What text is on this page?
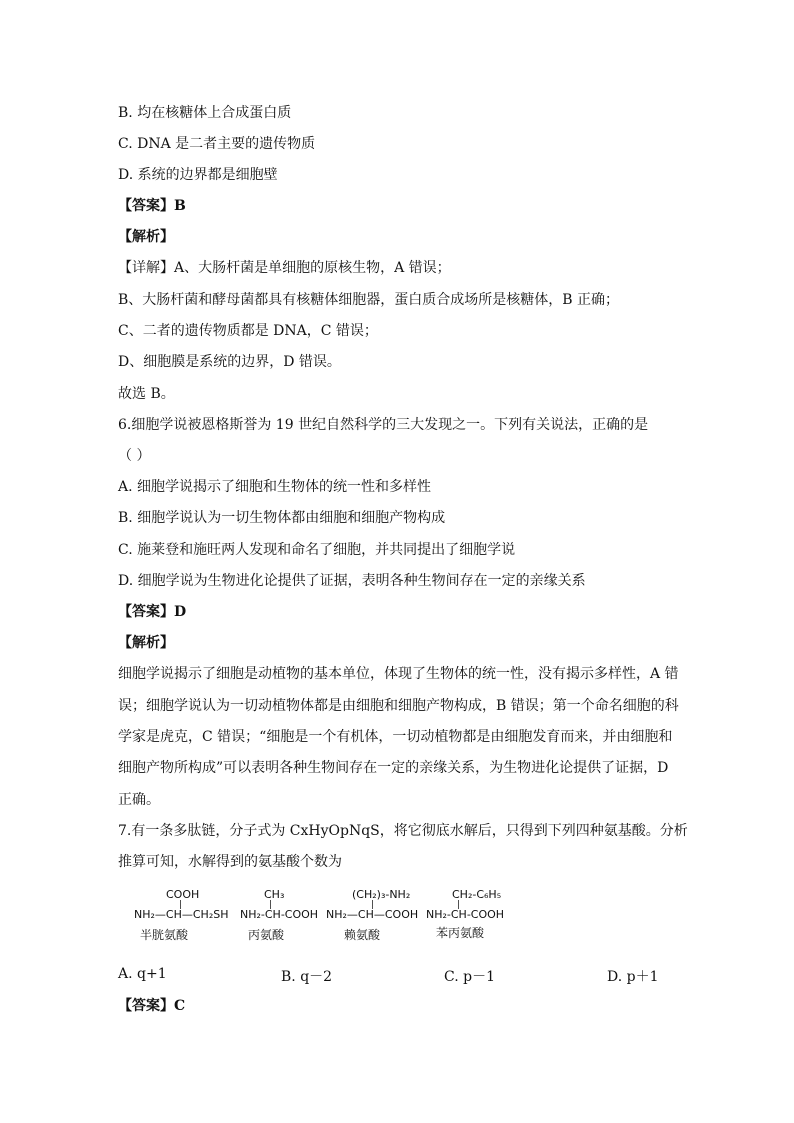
B. 均在核糖体上合成蛋白质
C. DNA 是二者主要的遗传物质
D. 系统的边界都是细胞壁
【答案】B
【解析】
【详解】A、大肠杆菌是单细胞的原核生物，A 错误；
B、大肠杆菌和酵母菌都具有核糖体细胞器，蛋白质合成场所是核糖体，B 正确；
C、二者的遗传物质都是 DNA，C 错误；
D、细胞膜是系统的边界，D 错误。
故选 B。
6.细胞学说被恩格斯誉为 19 世纪自然科学的三大发现之一。下列有关说法，正确的是
（ ）
A. 细胞学说揭示了细胞和生物体的统一性和多样性
B. 细胞学说认为一切生物体都由细胞和细胞产物构成
C. 施莱登和施旺两人发现和命名了细胞，并共同提出了细胞学说
D. 细胞学说为生物进化论提供了证据，表明各种生物间存在一定的亲缘关系
【答案】D
【解析】
细胞学说揭示了细胞是动植物的基本单位，体现了生物体的统一性，没有揭示多样性，A 错
误；细胞学说认为一切动植物体都是由细胞和细胞产物构成，B 错误；第一个命名细胞的科
学家是虎克，C 错误；“细胞是一个有机体，一切动植物都是由细胞发育而来，并由细胞和
细胞产物所构成”可以表明各种生物间存在一定的亲缘关系，为生物进化论提供了证据，D
正确。
7.有一条多肽链，分子式为 CxHyOpNqS，将它彻底水解后，只得到下列四种氨基酸。分析
推算可知，水解得到的氨基酸个数为
COOH
|
NH₂—CH—CH₂SH
半胱氨酸
CH₃
|
NH₂-CH-COOH
丙氨酸
(CH₂)₃-NH₂
|
NH₂—CH—COOH
赖氨酸
CH₂-C₆H₅
|
NH₂-CH-COOH
苯丙氨酸
A. q+1	B. q－2	C. p－1	D. p＋1
【答案】C
